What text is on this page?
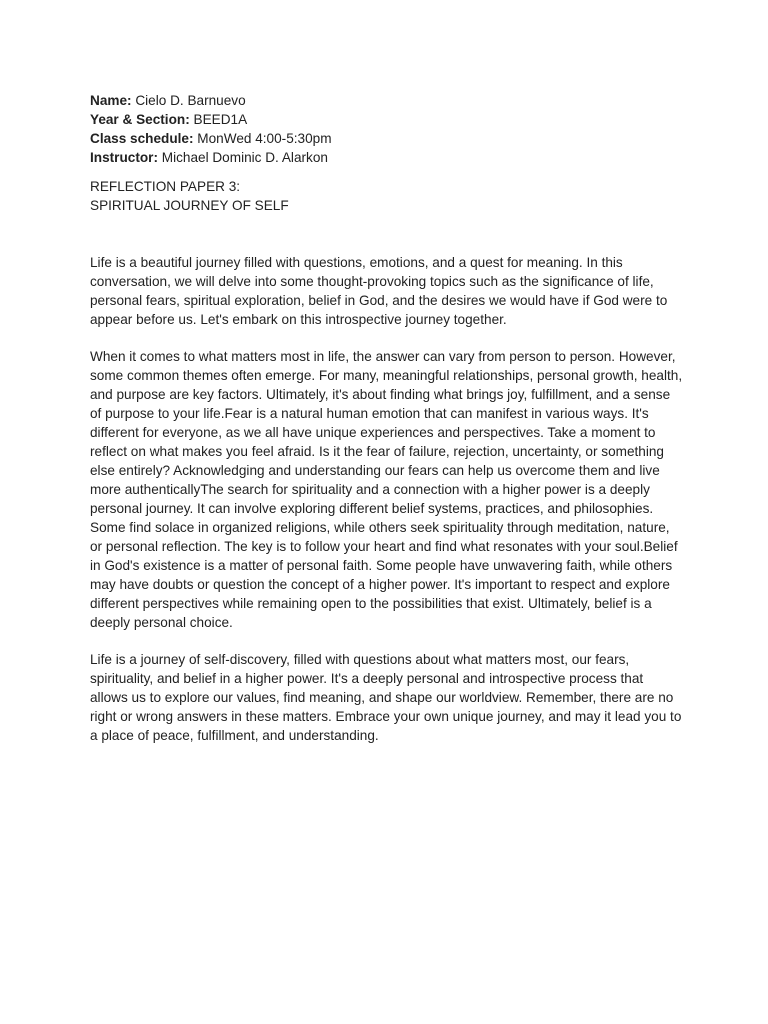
Name: Cielo D. Barnuevo

Year & Section: BEED1A

Class schedule: MonWed 4:00-5:30pm

Instructor: Michael Dominic D. Alarkon

REFLECTION PAPER 3:

SPIRITUAL JOURNEY OF SELF

Life is a beautiful journey filled with questions, emotions, and a quest for meaning. In this conversation, we will delve into some thought-provoking topics such as the significance of life, personal fears, spiritual exploration, belief in God, and the desires we would have if God were to appear before us. Let's embark on this introspective journey together.

When it comes to what matters most in life, the answer can vary from person to person. However, some common themes often emerge. For many, meaningful relationships, personal growth, health, and purpose are key factors. Ultimately, it's about finding what brings joy, fulfillment, and a sense of purpose to your life.Fear is a natural human emotion that can manifest in various ways. It's different for everyone, as we all have unique experiences and perspectives. Take a moment to reflect on what makes you feel afraid. Is it the fear of failure, rejection, uncertainty, or something else entirely? Acknowledging and understanding our fears can help us overcome them and live more authenticallyThe search for spirituality and a connection with a higher power is a deeply personal journey. It can involve exploring different belief systems, practices, and philosophies. Some find solace in organized religions, while others seek spirituality through meditation, nature, or personal reflection. The key is to follow your heart and find what resonates with your soul.Belief in God's existence is a matter of personal faith. Some people have unwavering faith, while others may have doubts or question the concept of a higher power. It's important to respect and explore different perspectives while remaining open to the possibilities that exist. Ultimately, belief is a deeply personal choice.

Life is a journey of self-discovery, filled with questions about what matters most, our fears, spirituality, and belief in a higher power. It's a deeply personal and introspective process that allows us to explore our values, find meaning, and shape our worldview. Remember, there are no right or wrong answers in these matters. Embrace your own unique journey, and may it lead you to a place of peace, fulfillment, and understanding.
